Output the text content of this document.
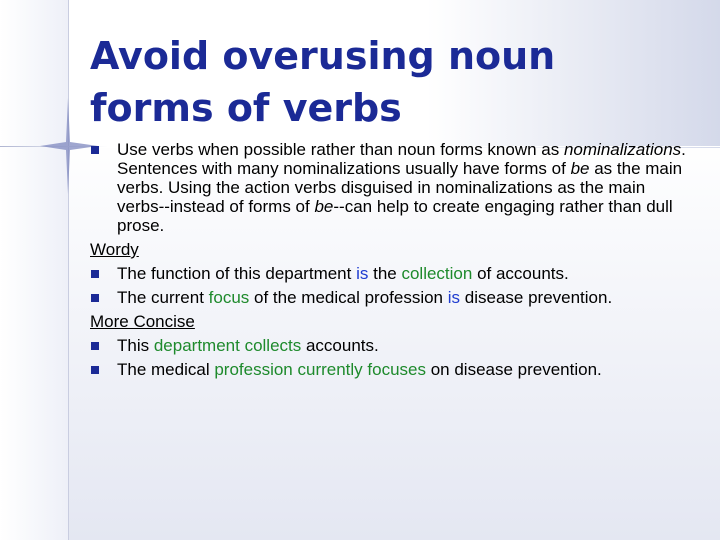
Avoid overusing noun
forms of verbs
Use verbs when possible rather than noun forms known as nominalizations. Sentences with many nominalizations usually have forms of be as the main verbs. Using the action verbs disguised in nominalizations as the main verbs--instead of forms of be--can help to create engaging rather than dull prose.
Wordy
The function of this department is the collection of accounts.
The current focus of the medical profession is disease prevention.
More Concise
This department collects accounts.
The medical profession currently focuses on disease prevention.
